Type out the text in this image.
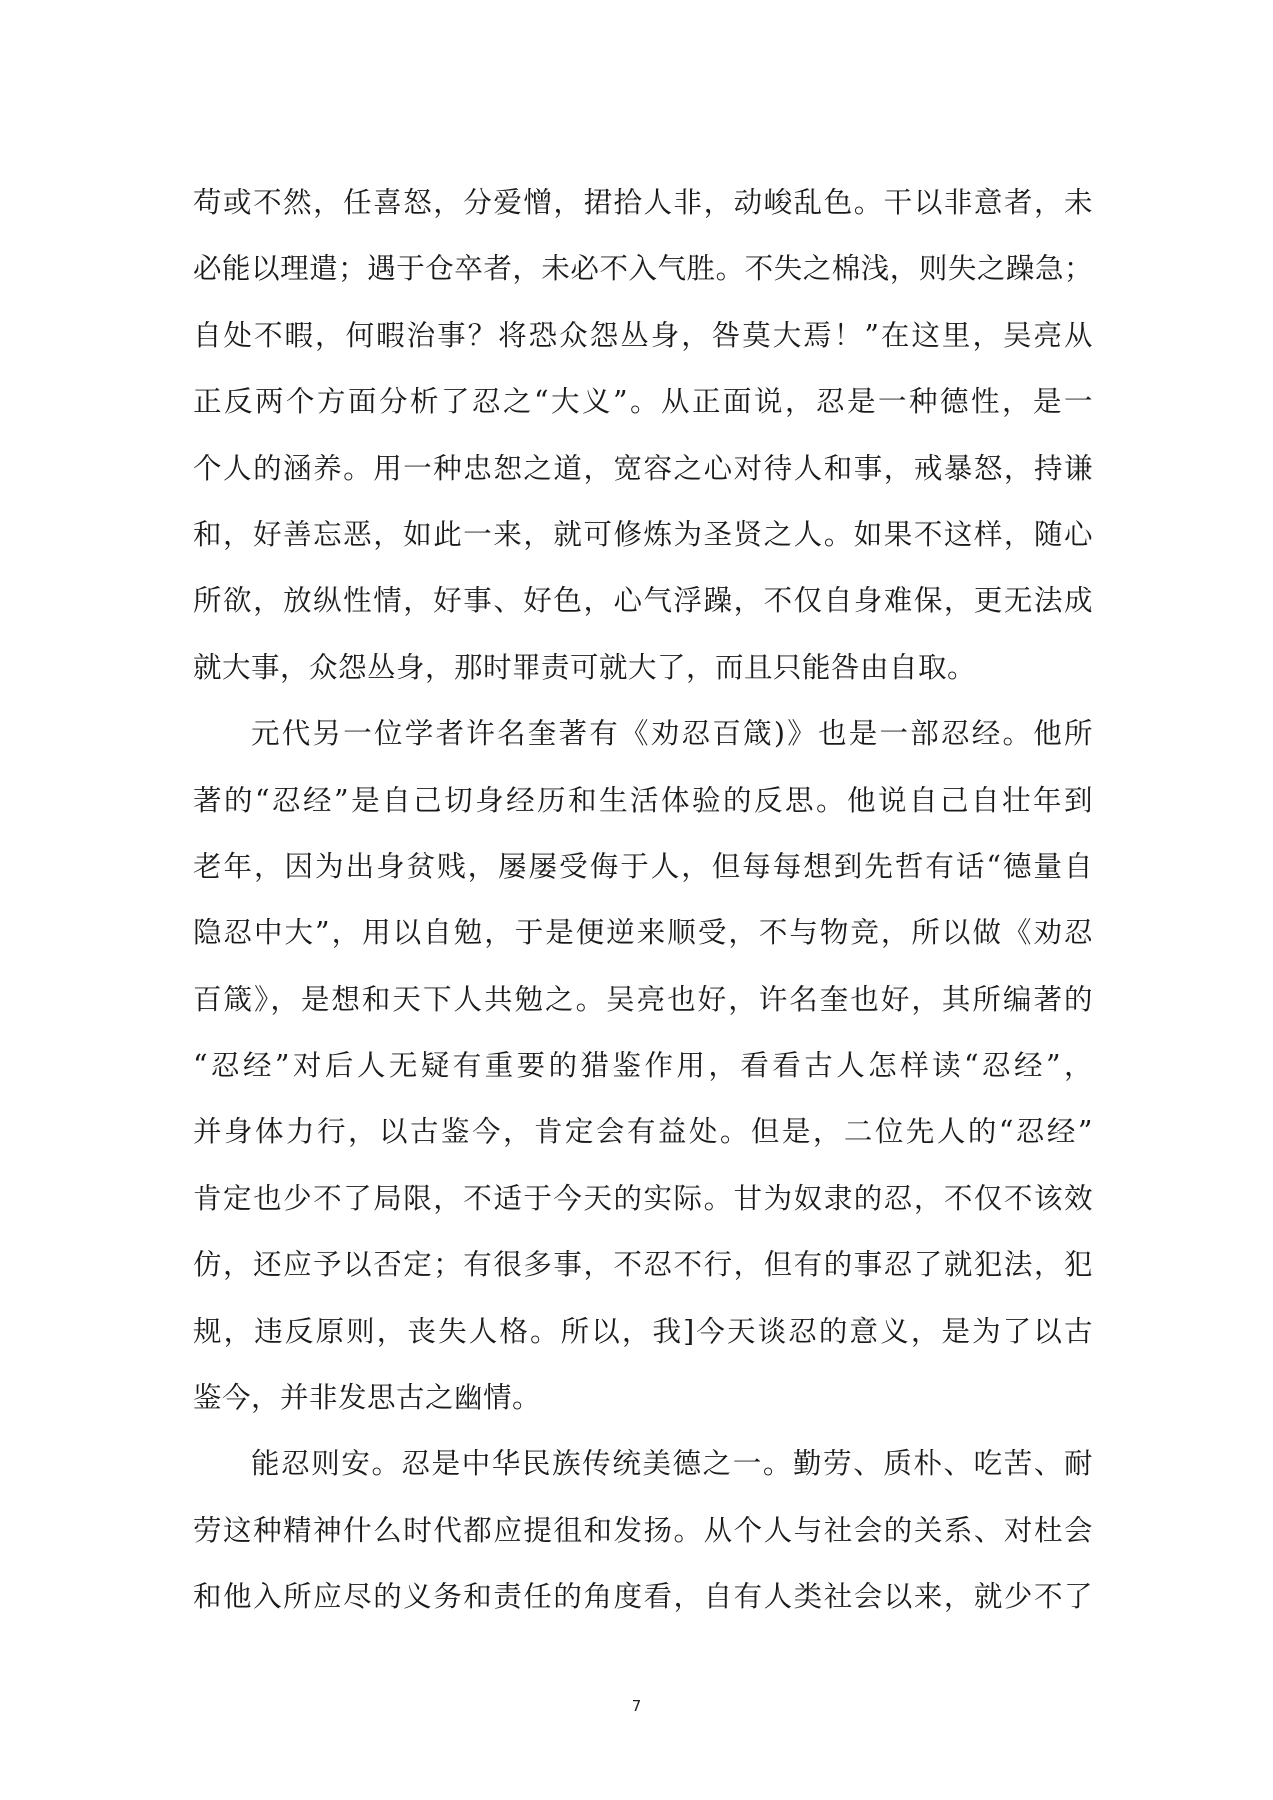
苟或不然，任喜怒，分爱憎，捃拾人非，动峻乱色。干以非意者，未
必能以理遣；遇于仓卒者，未必不入气胜。不失之棉浅，则失之躁急；
自处不暇，何暇治事？将恐众怨丛身，咎莫大焉！”在这里，吴亮从
正反两个方面分析了忍之“大义”。从正面说，忍是一种德性，是一
个人的涵养。用一种忠恕之道，宽容之心对待人和事，戒暴怒，持谦
和，好善忘恶，如此一来，就可修炼为圣贤之人。如果不这样，随心
所欲，放纵性情，好事、好色，心气浮躁，不仅自身难保，更无法成
就大事，众怨丛身，那时罪责可就大了，而且只能咎由自取。
元代另一位学者许名奎著有《劝忍百箴)》也是一部忍经。他所
著的“忍经”是自己切身经历和生活体验的反思。他说自己自壮年到
老年，因为出身贫贱，屡屡受侮于人，但每每想到先哲有话“德量自
隐忍中大”，用以自勉，于是便逆来顺受，不与物竞，所以做《劝忍
百箴》，是想和天下人共勉之。吴亮也好，许名奎也好，其所编著的
“忍经”对后人无疑有重要的猎鉴作用，看看古人怎样读“忍经”，
并身体力行，以古鉴今，肯定会有益处。但是，二位先人的“忍经”
肯定也少不了局限，不适于今天的实际。甘为奴隶的忍，不仅不该效
仿，还应予以否定；有很多事，不忍不行，但有的事忍了就犯法，犯
规，违反原则，丧失人格。所以，我]今天谈忍的意义，是为了以古
鉴今，并非发思古之幽情。
能忍则安。忍是中华民族传统美德之一。勤劳、质朴、吃苦、耐
劳这种精神什么时代都应提徂和发扬。从个人与社会的关系、对杜会
和他入所应尽的义务和责任的角度看，自有人类社会以来，就少不了
7
